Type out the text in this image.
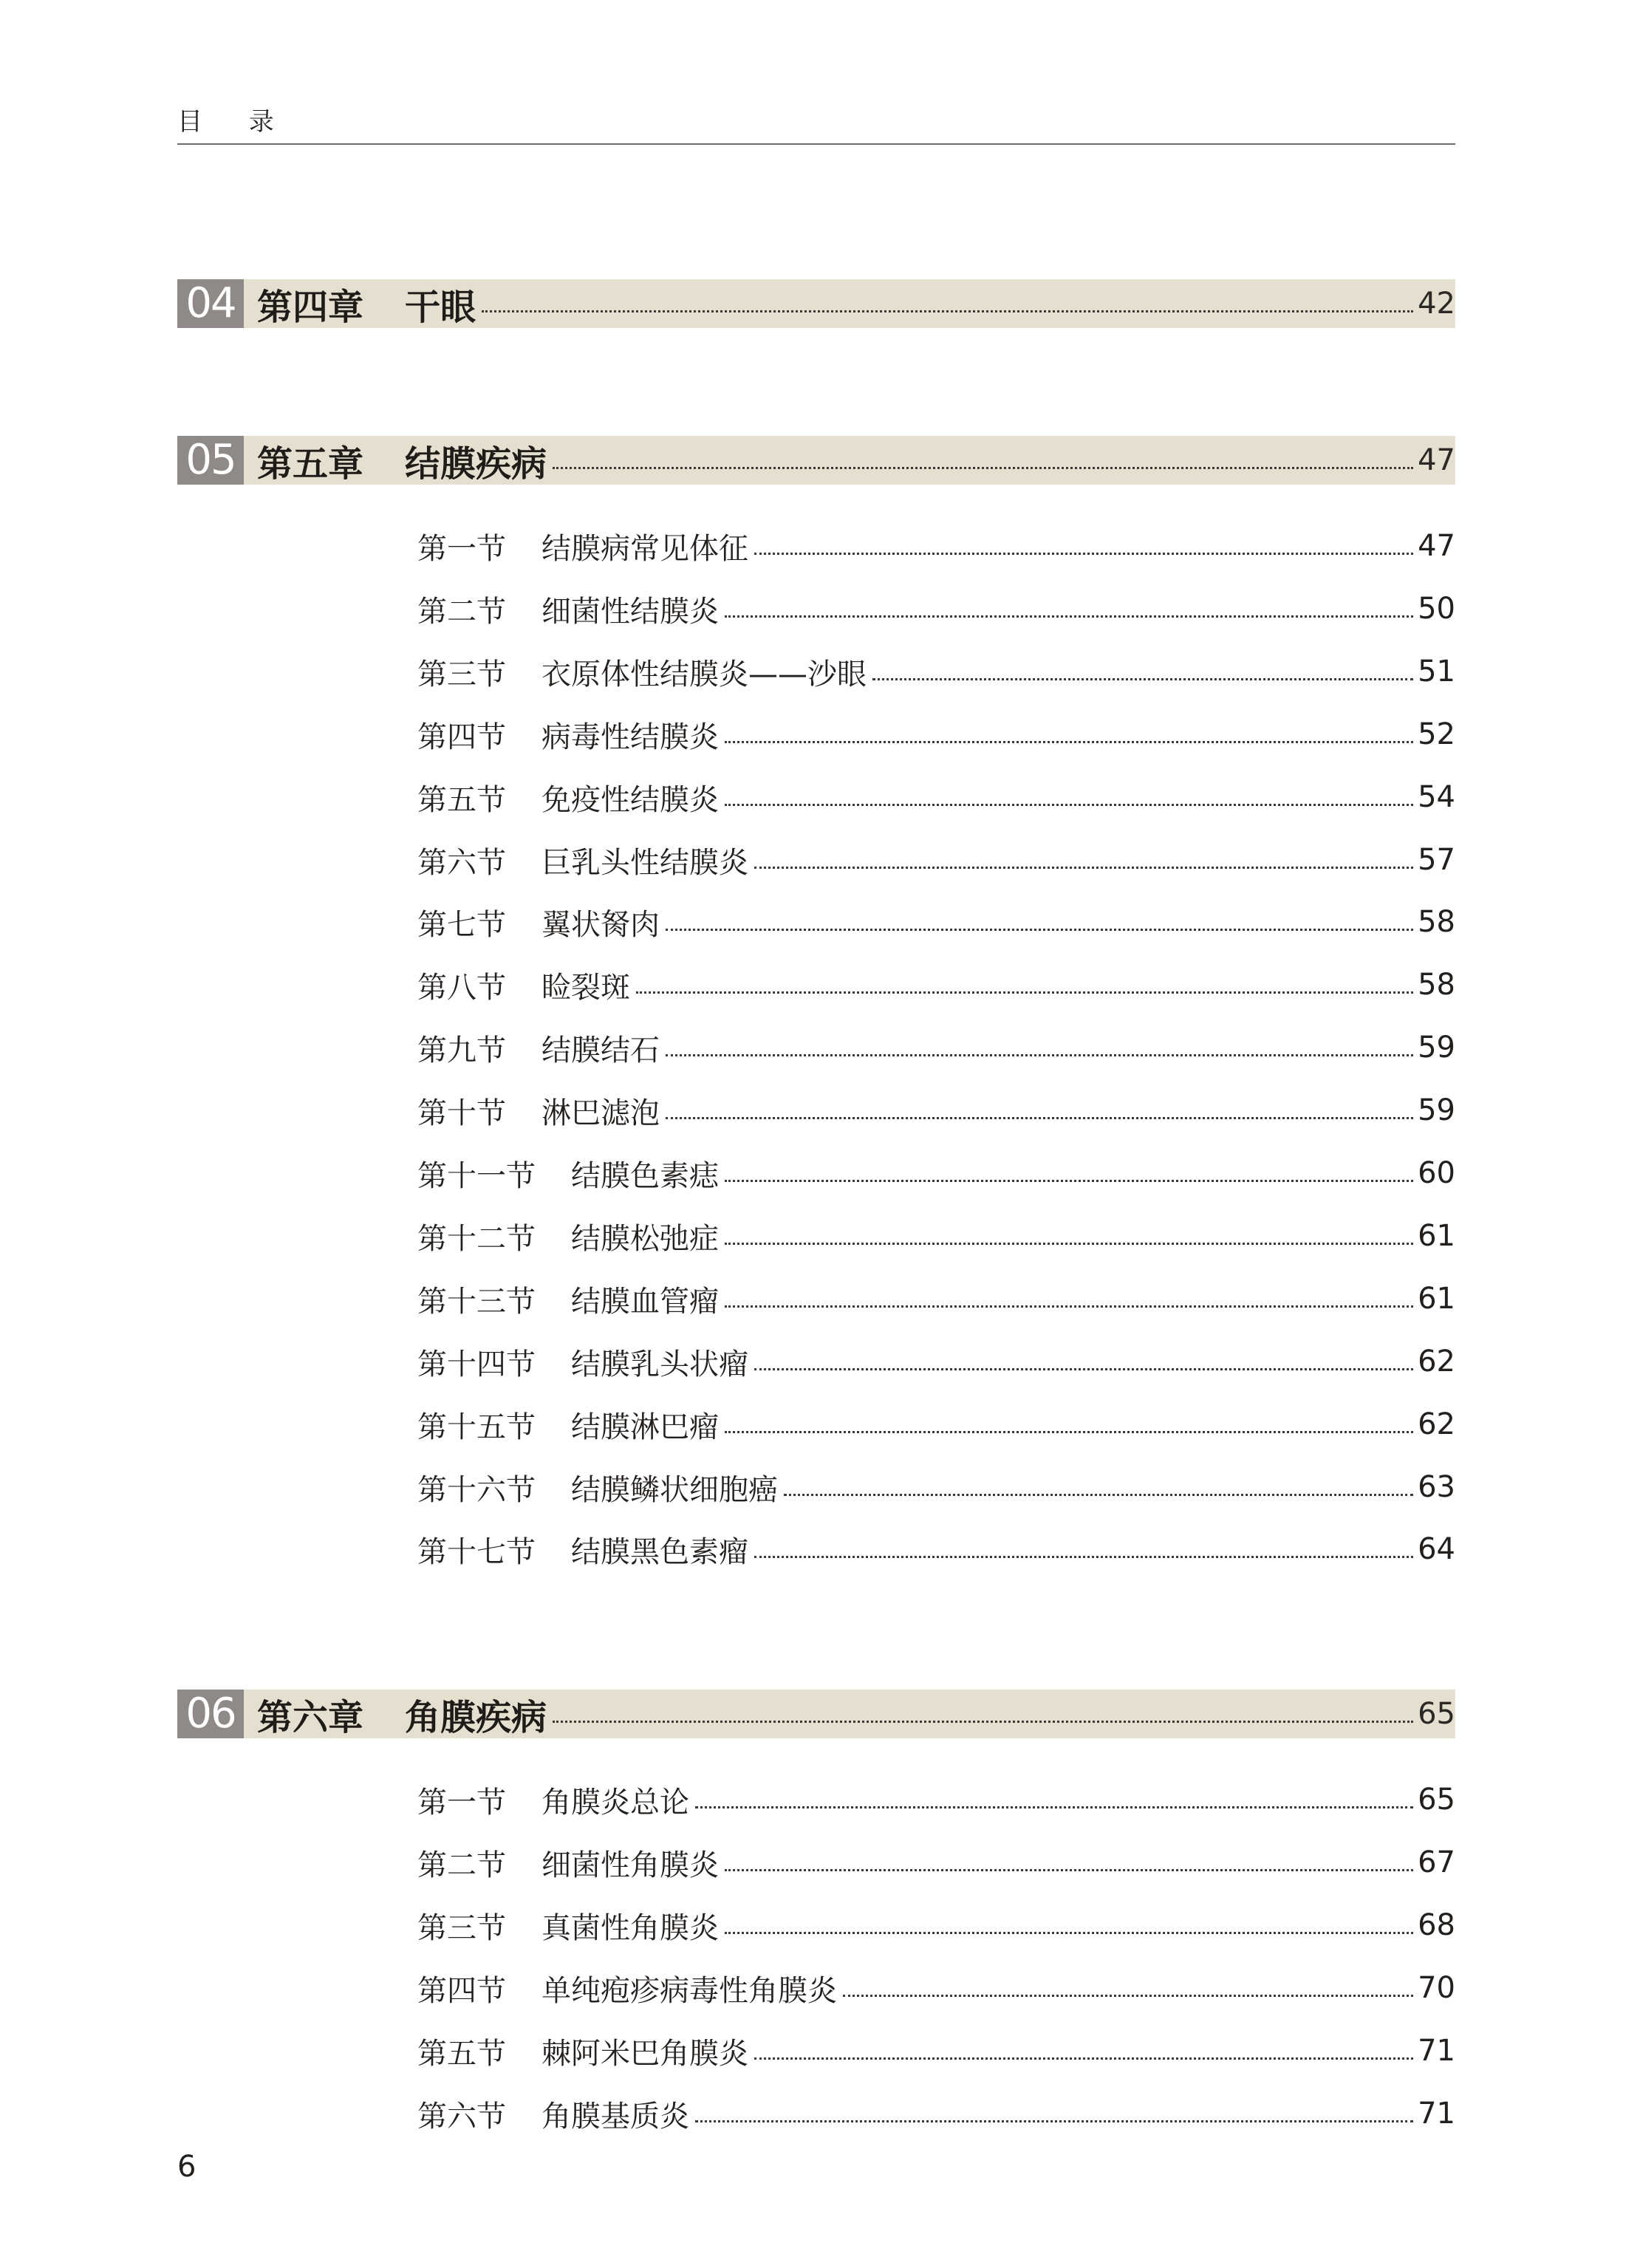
目 录
6
04 第四章 干眼	42
05 第五章 结膜疾病	47
第一节 结膜病常见体征	47
第二节 细菌性结膜炎	50
第三节 衣原体性结膜炎——沙眼	51
第四节 病毒性结膜炎	52
第五节 免疫性结膜炎	54
第六节 巨乳头性结膜炎	57
第七节 翼状胬肉	58
第八节 睑裂斑	58
第九节 结膜结石	59
第十节 淋巴滤泡	59
第十一节 结膜色素痣	60
第十二节 结膜松弛症	61
第十三节 结膜血管瘤	61
第十四节 结膜乳头状瘤	62
第十五节 结膜淋巴瘤	62
第十六节 结膜鳞状细胞癌	63
第十七节 结膜黑色素瘤	64
06 第六章 角膜疾病	65
第一节 角膜炎总论	65
第二节 细菌性角膜炎	67
第三节 真菌性角膜炎	68
第四节 单纯疱疹病毒性角膜炎	70
第五节 棘阿米巴角膜炎	71
第六节 角膜基质炎	71
